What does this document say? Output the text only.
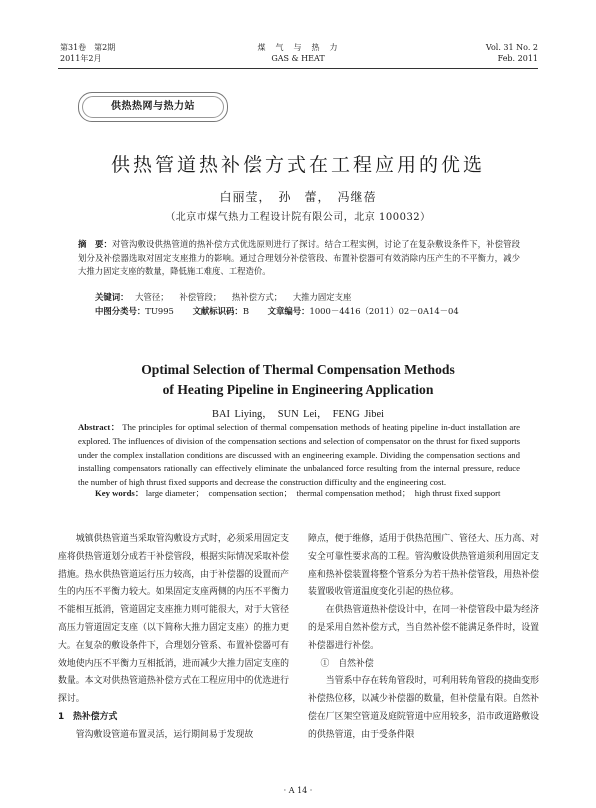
第31卷　第2期
2011年2月
煤　气　与　热　力
GAS & HEAT
Vol. 31 No. 2
Feb. 2011
供热热网与热力站
供热管道热补偿方式在工程应用的优选
白丽莹，　孙　蕾，　冯继蓓
（北京市煤气热力工程设计院有限公司，北京 100032）
摘　要：对管沟敷设供热管道的热补偿方式优选原则进行了探讨。结合工程实例，讨论了在复杂敷设条件下，补偿管段划分及补偿器选取对固定支座推力的影响。通过合理划分补偿管段、布置补偿器可有效消除内压产生的不平衡力，减少大推力固定支座的数量，降低施工难度、工程造价。
关键词： 大管径； 补偿管段； 热补偿方式； 大推力固定支座
中图分类号：TU995 文献标识码：B 文章编号：1000－4416（2011）02－0A14－04
Optimal Selection of Thermal Compensation Methods
of Heating Pipeline in Engineering Application
BAI Liying，　SUN Lei，　FENG Jibei
Abstract： The principles for optimal selection of thermal compensation methods of heating pipeline in-duct installation are explored. The influences of division of the compensation sections and selection of compensator on the thrust for fixed supports under the complex installation conditions are discussed with an engineering example. Dividing the compensation sections and installing compensators rationally can effectively eliminate the unbalanced force resulting from the internal pressure, reduce the number of high thrust fixed supports and decrease the construction difficulty and the engineering cost.
Key words： large diameter；　compensation section；　thermal compensation method；　high thrust fixed support

城镇供热管道当采取管沟敷设方式时，必须采用固定支座将供热管道划分成若干补偿管段，根据实际情况采取补偿措施。热水供热管道运行压力较高，由于补偿器的设置而产生的内压不平衡力较大。如果固定支座两侧的内压不平衡力不能相互抵消，管道固定支座推力则可能很大，对于大管径高压力管道固定支座（以下简称大推力固定支座）的推力更大。在复杂的敷设条件下，合理划分管系、布置补偿器可有效地使内压不平衡力互相抵消，进而减少大推力固定支座的数量。本文对供热管道热补偿方式在工程应用中的优选进行探讨。

1　热补偿方式

管沟敷设管道布置灵活，运行期间易于发现故

障点，便于维修，适用于供热范围广、管径大、压力高、对安全可靠性要求高的工程。管沟敷设供热管道须利用固定支座和热补偿装置将整个管系分为若干热补偿管段，用热补偿装置吸收管道温度变化引起的热位移。

在供热管道热补偿设计中，在同一补偿管段中最为经济的是采用自然补偿方式，当自然补偿不能满足条件时，设置补偿器进行补偿。

①　自然补偿

当管系中存在转角管段时，可利用转角管段的挠曲变形补偿热位移，以减少补偿器的数量，但补偿量有限。自然补偿在厂区架空管道及庭院管道中应用较多，沿市政道路敷设的供热管道，由于受条件限

· A 14 ·
